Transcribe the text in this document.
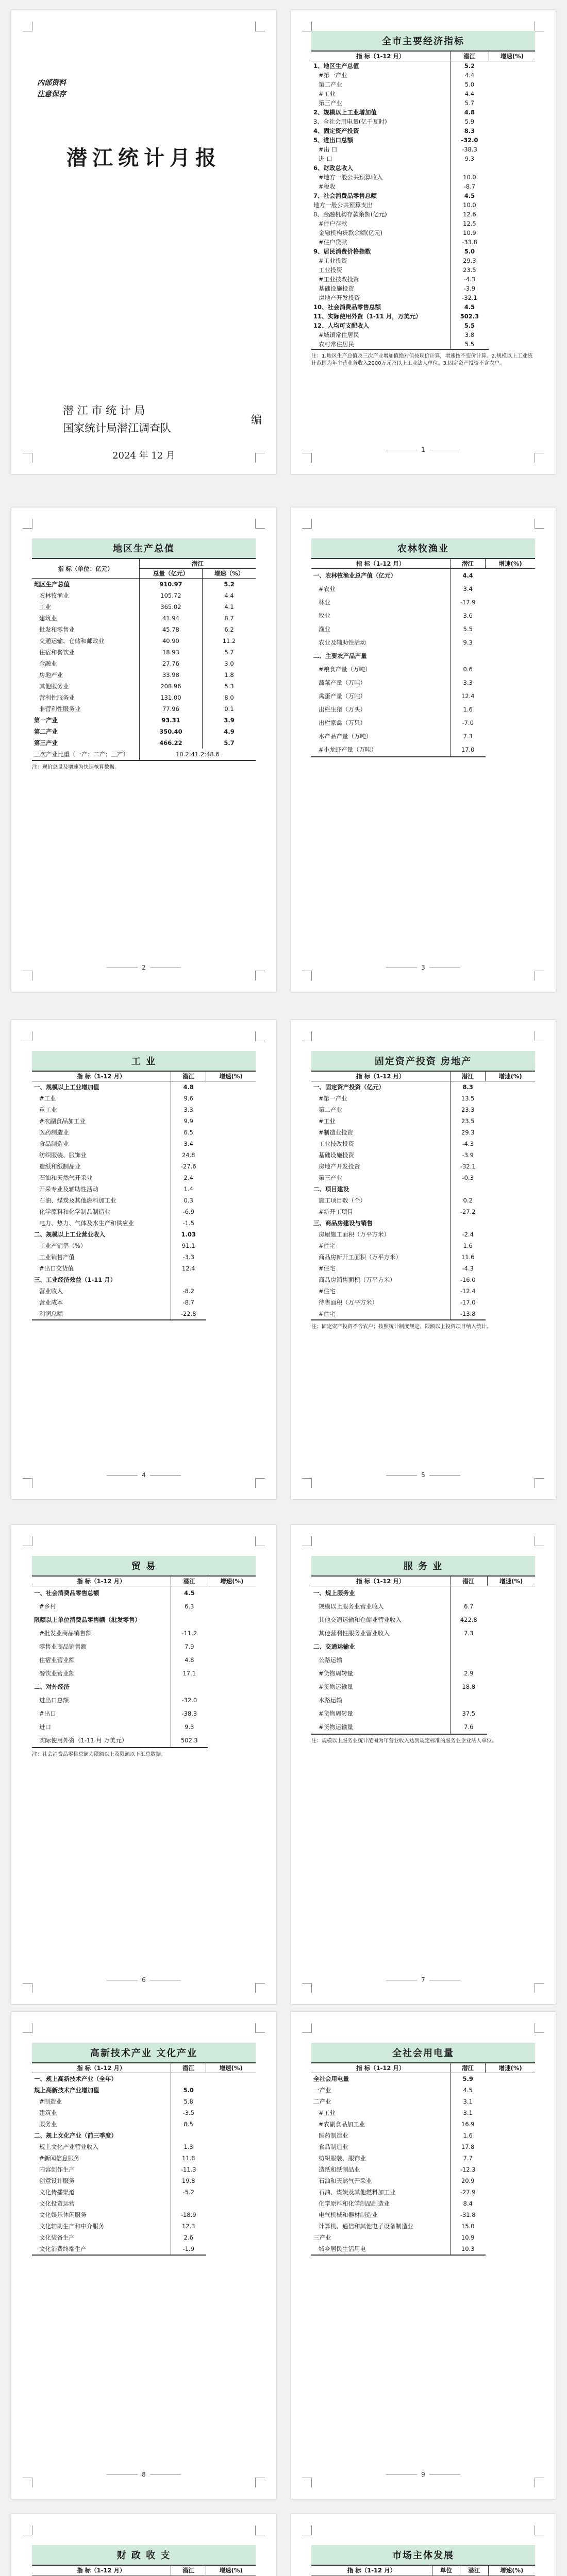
内部资料
注意保存
潜江统计月报
潜 江 市 统 计 局
国家统计局潜江调查队
编
2024 年 12 月
全市主要经济指标
指 标（1-12 月）	潜江	增速(%)
1、地区生产总值	5.2	
#第一产业	4.4	
第二产业	5.0	
#工业	4.4	
第三产业	5.7	
2、规模以上工业增加值	4.8	
3、全社会用电量(亿千瓦时)	5.9	
4、固定资产投资	8.3	
5、进出口总额	-32.0	
#出 口	-38.3	
进 口	9.3	
6、财政总收入		
#地方一般公共预算收入	10.0	
#税收	-8.7	
7、社会消费品零售总额	4.5	
地方一般公共预算支出	10.0	
8、金融机构存款余额(亿元)	12.6	
#住户存款	12.5	
金融机构贷款余额(亿元)	10.9	
#住户贷款	-33.8	
9、居民消费价格指数	5.0	
#工业投资	29.3	
工业投资	23.5	
#工业技改投资	-4.3	
基础设施投资	-3.9	
房地产开发投资	-32.1	
10、社会消费品零售总额	4.5	
11、实际使用外资（1-11 月，万美元）	502.3	
12、人均可支配收入	5.5	
#城镇常住居民	3.8	
农村常住居民	5.5	
注：1.地区生产总值及三次产业增加值绝对值按现价计算，增速按不变价计算。2.规模以上工业统计范围为年主营业务收入2000万元及以上工业法人单位。3.固定资产投资不含农户。
1
地区生产总值
指 标（单位：亿元）	潜江	
	总量（亿元）	增速（%）
地区生产总值	910.97	5.2
农林牧渔业	105.72	4.4
工业	365.02	4.1
建筑业	41.94	8.7
批发和零售业	45.78	6.2
交通运输、仓储和邮政业	40.90	11.2
住宿和餐饮业	18.93	5.7
金融业	27.76	3.0
房地产业	33.98	1.8
其他服务业	208.96	5.3
营利性服务业	131.00	8.0
非营利性服务业	77.96	0.1
第一产业	93.31	3.9
第二产业	350.40	4.9
第三产业	466.22	5.7
三次产业比重（一产：二产：三产）	10.2:41.2:48.6	
注：现价总量及增速为快速核算数据。
2
农林牧渔业
指 标（1-12 月）	潜江	增速(%)
一、农林牧渔业总产值（亿元）	4.4	
#农业	3.4	
林业	-17.9	
牧业	3.6	
渔业	5.5	
农业及辅助性活动	9.3	
二、主要农产品产量		
#粮食产量（万吨）	0.6	
蔬菜产量（万吨）	3.3	
禽蛋产量（万吨）	12.4	
出栏生猪（万头）	1.6	
出栏家禽（万只）	-7.0	
水产品产量（万吨）	7.3	
#小龙虾产量（万吨）	17.0	
3
工 业
指 标（1-12 月）	潜江	增速(%)
一、规模以上工业增加值	4.8	
#工业	9.6	
重工业	3.3	
#农副食品加工业	9.9	
医药制造业	6.5	
食品制造业	3.4	
纺织服装、服饰业	24.8	
造纸和纸制品业	-27.6	
石油和天然气开采业	2.4	
开采专业及辅助性活动	1.4	
石油、煤炭及其他燃料加工业	0.3	
化学原料和化学制品制造业	-6.9	
电力、热力、气体及水生产和供应业	-1.5	
二、规模以上工业营业收入	1.03	
工业产销率（%）	91.1	
工业销售产值	-3.3	
#出口交货值	12.4	
三、工业经济效益（1-11 月）		
营业收入	-8.2	
营业成本	-8.7	
利润总额	-22.8	
4
固定资产投资 房地产
指 标（1-12 月）	潜江	增速(%)
一、固定资产投资（亿元）	8.3	
#第一产业	13.5	
第二产业	23.3	
#工业	23.5	
#制造业投资	29.3	
工业技改投资	-4.3	
基础设施投资	-3.9	
房地产开发投资	-32.1	
第三产业	-0.3	
二、项目建设		
施工项目数（个）	0.2	
#新开工项目	-27.2	
三、商品房建设与销售		
房屋施工面积（万平方米）	-2.4	
#住宅	1.6	
商品房新开工面积（万平方米）	11.6	
#住宅	-4.3	
商品房销售面积（万平方米）	-16.0	
#住宅	-12.4	
待售面积（万平方米）	-17.0	
#住宅	-13.8	
注：固定资产投资不含农户；按照统计制度规定，限额以上投资项目纳入统计。
5
贸 易
指 标（1-12 月）	潜江	增速(%)
一、社会消费品零售总额	4.5	
#乡村	6.3	
限额以上单位消费品零售额（批发零售）		
#批发业商品销售额	-11.2	
零售业商品销售额	7.9	
住宿业营业额	4.8	
餐饮业营业额	17.1	
二、对外经济		
进出口总额	-32.0	
#出口	-38.3	
进口	9.3	
实际使用外资（1-11 月 万美元）	502.3	
注：社会消费品零售总额为限额以上及限额以下汇总数据。
6
服 务 业
指 标（1-12 月）	潜江	增速(%)
一、规上服务业		
规模以上服务业营业收入	6.7	
其他交通运输和仓储业营业收入	422.8	
其他营利性服务业营业收入	7.3	
二、交通运输业		
公路运输		
#货物周转量	2.9	
#货物运输量	18.8	
水路运输		
#货物周转量	37.5	
#货物运输量	7.6	
注：规模以上服务业统计范围为年营业收入达到规定标准的服务业企业法人单位。
7
高新技术产业 文化产业
指 标（1-12 月）	潜江	增速(%)
一、规上高新技术产业（全年）		
规上高新技术产业增加值	5.0	
#制造业	5.8	
建筑业	-3.5	
服务业	8.5	
二、规上文化产业（前三季度）		
规上文化产业营业收入	1.3	
#新闻信息服务	11.8	
内容创作生产	-11.3	
创意设计服务	19.8	
文化传播渠道	-5.2	
文化投资运营		
文化娱乐休闲服务	-18.9	
文化辅助生产和中介服务	12.3	
文化装备生产	2.6	
文化消费终端生产	-1.9	
8
全社会用电量
指 标（1-12 月）	潜江	增速(%)
全社会用电量	5.9	
一产业	4.5	
二产业	3.1	
#工业	3.1	
#农副食品加工业	16.9	
医药制造业	1.6	
食品制造业	17.8	
纺织服装、服饰业	7.7	
造纸和纸制品业	-12.3	
石油和天然气开采业	20.9	
石油、煤炭及其他燃料加工业	-27.9	
化学原料和化学制品制造业	8.4	
电气机械和器材制造业	-31.8	
计算机、通信和其他电子设备制造业	15.0	
三产业	10.9	
城乡居民生活用电	10.3	
9
财 政 收 支
指 标（1-12 月）	潜江	增速(%)

市场主体发展
指 标（1-12 月）	单位	潜江	增速(%)
